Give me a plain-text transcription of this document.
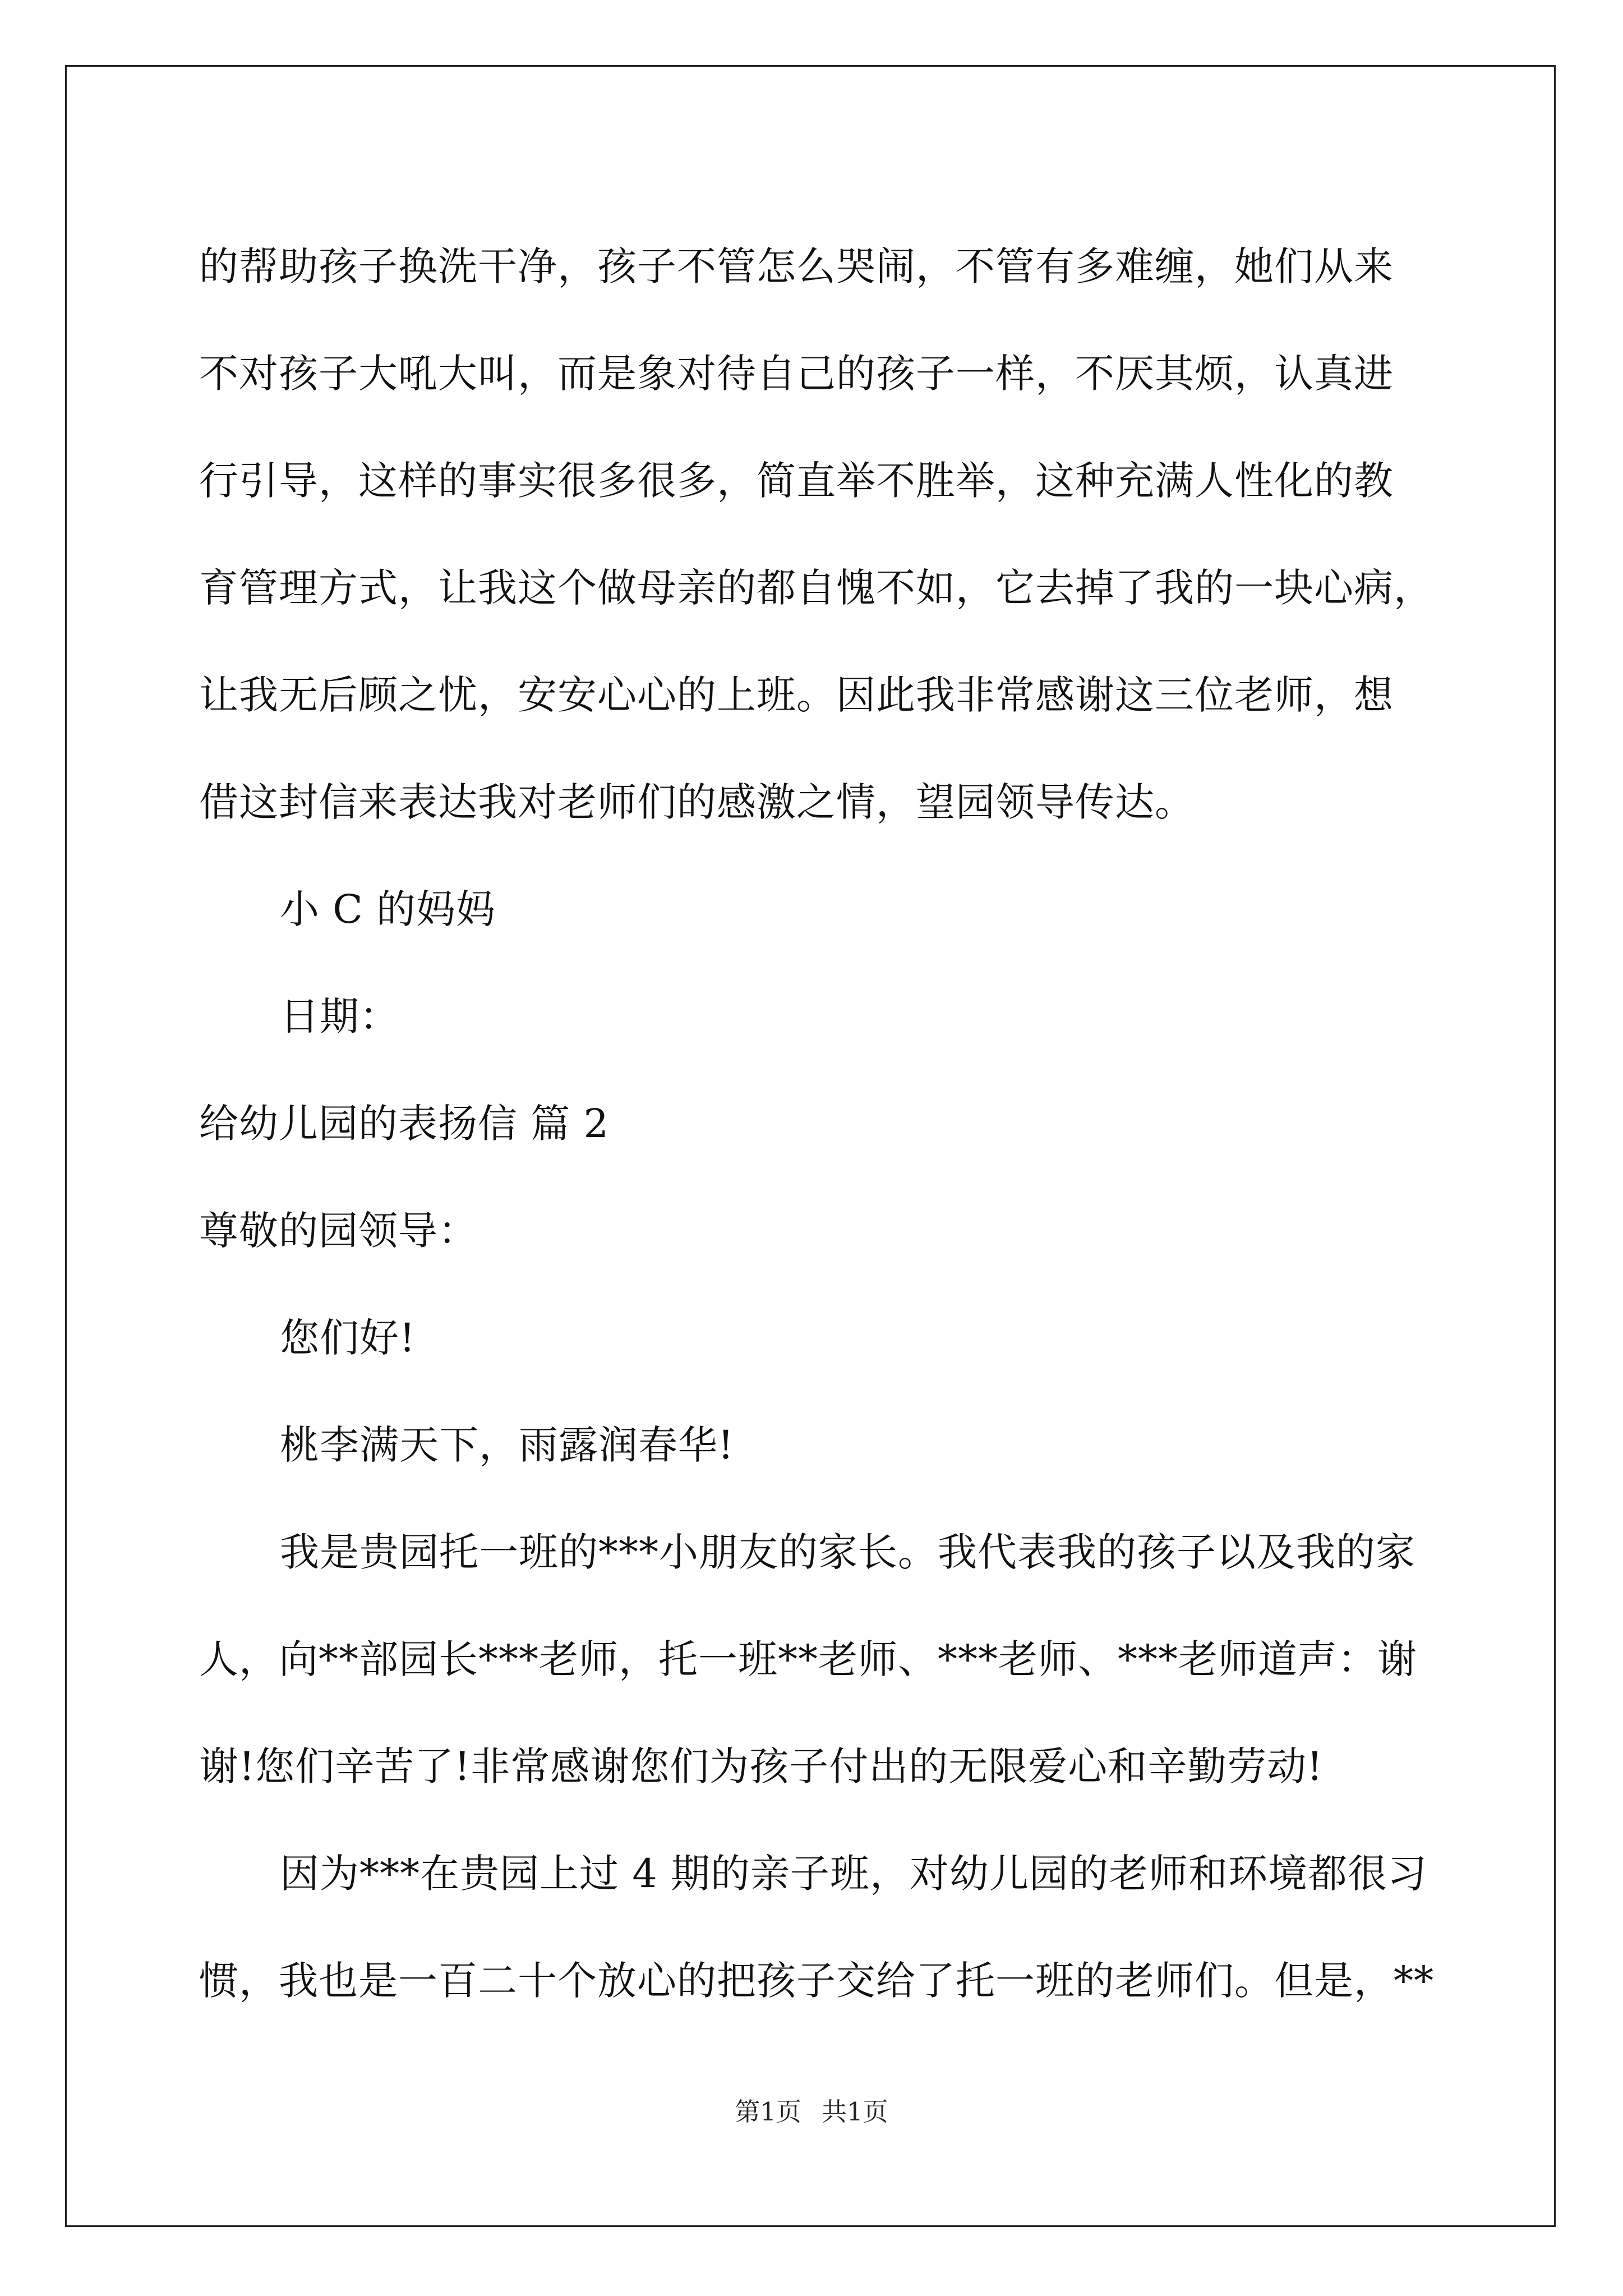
的帮助孩子换洗干净，孩子不管怎么哭闹，不管有多难缠，她们从来
不对孩子大吼大叫，而是象对待自己的孩子一样，不厌其烦，认真进
行引导，这样的事实很多很多，简直举不胜举，这种充满人性化的教
育管理方式，让我这个做母亲的都自愧不如，它去掉了我的一块心病，
让我无后顾之忧，安安心心的上班。因此我非常感谢这三位老师，想
借这封信来表达我对老师们的感激之情，望园领导传达。
小 C 的妈妈
日期：
给幼儿园的表扬信 篇 2
尊敬的园领导：
您们好!
桃李满天下，雨露润春华!
我是贵园托一班的***小朋友的家长。我代表我的孩子以及我的家
人，向**部园长***老师，托一班**老师、***老师、***老师道声：谢
谢!您们辛苦了!非常感谢您们为孩子付出的无限爱心和辛勤劳动!
因为***在贵园上过 4 期的亲子班，对幼儿园的老师和环境都很习
惯，我也是一百二十个放心的把孩子交给了托一班的老师们。但是，**
第1页 共1页
